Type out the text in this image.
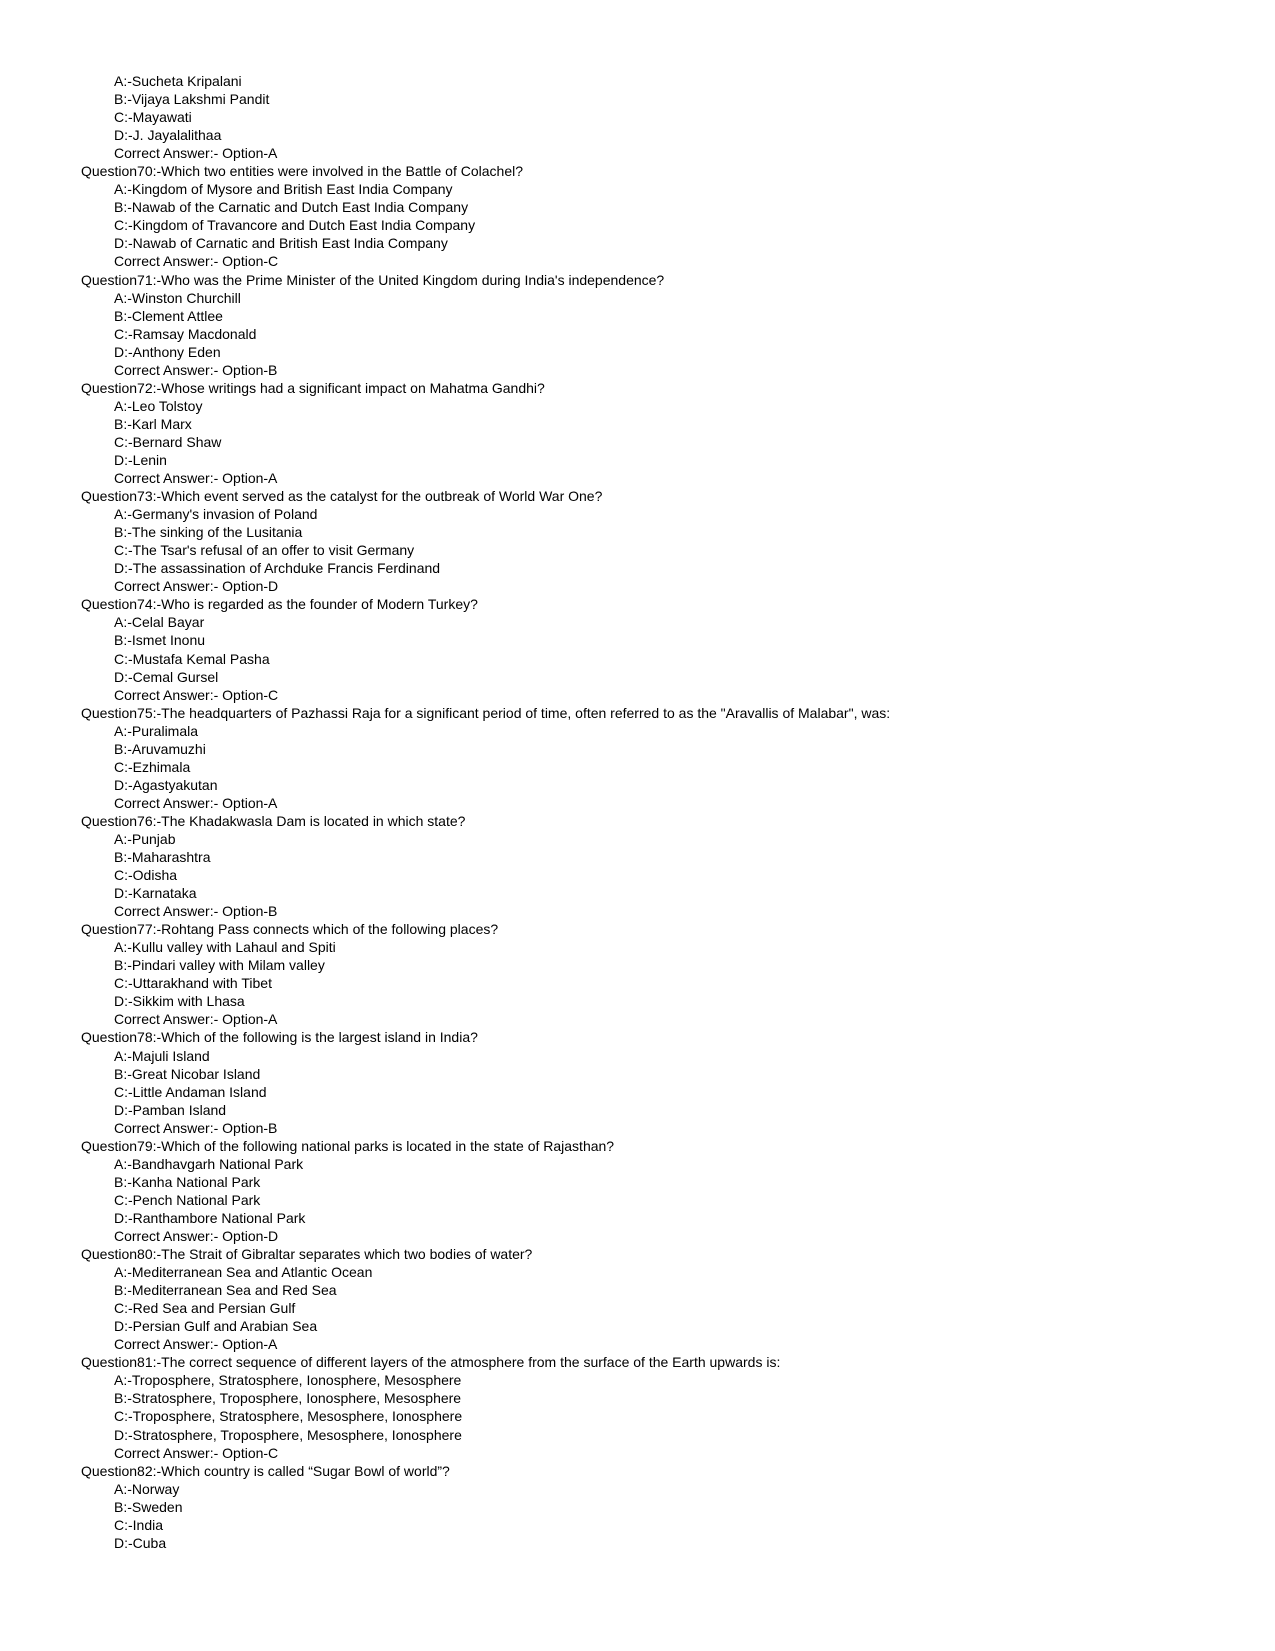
A:-Sucheta Kripalani
B:-Vijaya Lakshmi Pandit
C:-Mayawati
D:-J. Jayalalithaa
Correct Answer:- Option-A
Question70:-Which two entities were involved in the Battle of Colachel?
A:-Kingdom of Mysore and British East India Company
B:-Nawab of the Carnatic and Dutch East India Company
C:-Kingdom of Travancore and Dutch East India Company
D:-Nawab of Carnatic and British East India Company
Correct Answer:- Option-C
Question71:-Who was the Prime Minister of the United Kingdom during India's independence?
A:-Winston Churchill
B:-Clement Attlee
C:-Ramsay Macdonald
D:-Anthony Eden
Correct Answer:- Option-B
Question72:-Whose writings had a significant impact on Mahatma Gandhi?
A:-Leo Tolstoy
B:-Karl Marx
C:-Bernard Shaw
D:-Lenin
Correct Answer:- Option-A
Question73:-Which event served as the catalyst for the outbreak of World War One?
A:-Germany's invasion of Poland
B:-The sinking of the Lusitania
C:-The Tsar's refusal of an offer to visit Germany
D:-The assassination of Archduke Francis Ferdinand
Correct Answer:- Option-D
Question74:-Who is regarded as the founder of Modern Turkey?
A:-Celal Bayar
B:-Ismet Inonu
C:-Mustafa Kemal Pasha
D:-Cemal Gursel
Correct Answer:- Option-C
Question75:-The headquarters of Pazhassi Raja for a significant period of time, often referred to as the "Aravallis of Malabar", was:
A:-Puralimala
B:-Aruvamuzhi
C:-Ezhimala
D:-Agastyakutan
Correct Answer:- Option-A
Question76:-The Khadakwasla Dam is located in which state?
A:-Punjab
B:-Maharashtra
C:-Odisha
D:-Karnataka
Correct Answer:- Option-B
Question77:-Rohtang Pass connects which of the following places?
A:-Kullu valley with Lahaul and Spiti
B:-Pindari valley with Milam valley
C:-Uttarakhand with Tibet
D:-Sikkim with Lhasa
Correct Answer:- Option-A
Question78:-Which of the following is the largest island in India?
A:-Majuli Island
B:-Great Nicobar Island
C:-Little Andaman Island
D:-Pamban Island
Correct Answer:- Option-B
Question79:-Which of the following national parks is located in the state of Rajasthan?
A:-Bandhavgarh National Park
B:-Kanha National Park
C:-Pench National Park
D:-Ranthambore National Park
Correct Answer:- Option-D
Question80:-The Strait of Gibraltar separates which two bodies of water?
A:-Mediterranean Sea and Atlantic Ocean
B:-Mediterranean Sea and Red Sea
C:-Red Sea and Persian Gulf
D:-Persian Gulf and Arabian Sea
Correct Answer:- Option-A
Question81:-The correct sequence of different layers of the atmosphere from the surface of the Earth upwards is:
A:-Troposphere, Stratosphere, Ionosphere, Mesosphere
B:-Stratosphere, Troposphere, Ionosphere, Mesosphere
C:-Troposphere, Stratosphere, Mesosphere, Ionosphere
D:-Stratosphere, Troposphere, Mesosphere, Ionosphere
Correct Answer:- Option-C
Question82:-Which country is called “Sugar Bowl of world”?
A:-Norway
B:-Sweden
C:-India
D:-Cuba
